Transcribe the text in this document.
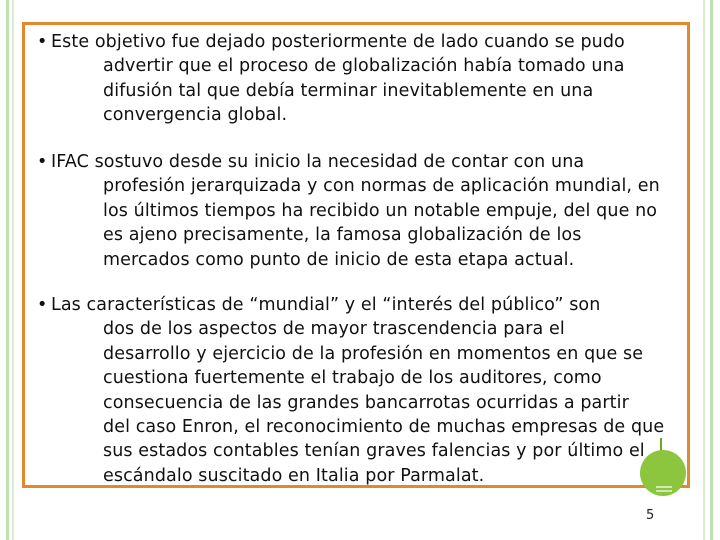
• Este objetivo fue dejado posteriormente de lado cuando se pudo
advertir que el proceso de globalización había tomado una
difusión tal que debía terminar inevitablemente en una
convergencia global.
• IFAC sostuvo desde su inicio la necesidad de contar con una
profesión jerarquizada y con normas de aplicación mundial, en
los últimos tiempos ha recibido un notable empuje, del que no
es ajeno precisamente, la famosa globalización de los
mercados como punto de inicio de esta etapa actual.
• Las características de “mundial” y el “interés del público” son
dos de los aspectos de mayor trascendencia para el
desarrollo y ejercicio de la profesión en momentos en que se
cuestiona fuertemente el trabajo de los auditores, como
consecuencia de las grandes bancarrotas ocurridas a partir
del caso Enron, el reconocimiento de muchas empresas de que
sus estados contables tenían graves falencias y por último el
escándalo suscitado en Italia por Parmalat.
5
